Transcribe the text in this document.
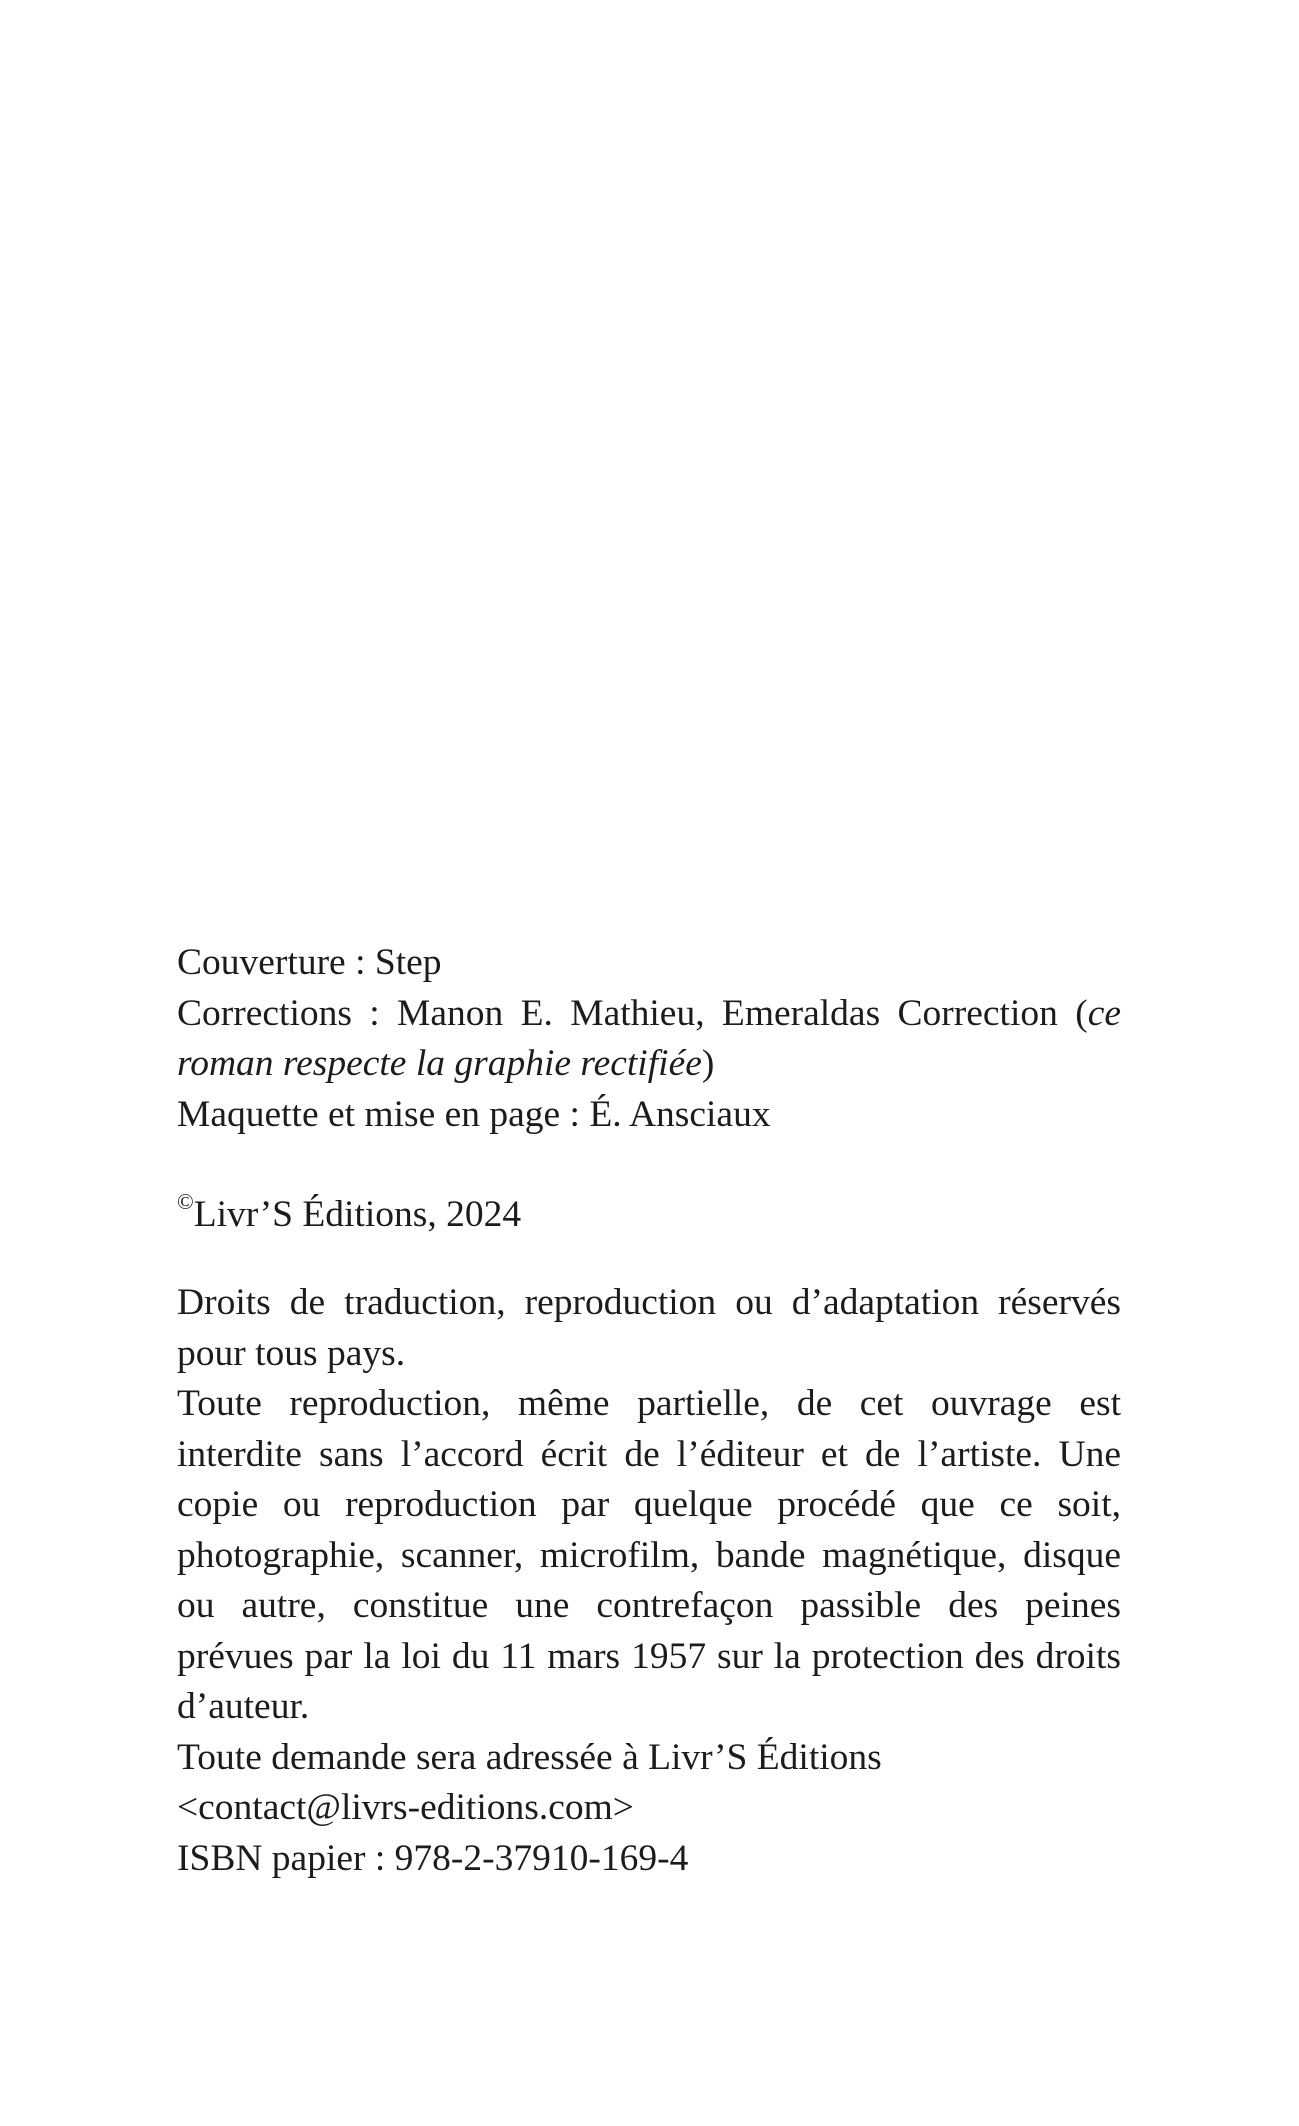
Couverture : Step

Corrections : Manon E. Mathieu, Emeraldas Correction (ce roman respecte la graphie rectifiée)

Maquette et mise en page : É. Ansciaux

©Livr’S Éditions, 2024

Droits de traduction, reproduction ou d’adaptation réservés pour tous pays.

Toute reproduction, même partielle, de cet ouvrage est interdite sans l’accord écrit de l’éditeur et de l’artiste. Une copie ou reproduction par quelque procédé que ce soit, photographie, scanner, microfilm, bande magnétique, disque ou autre, constitue une contrefaçon passible des peines prévues par la loi du 11 mars 1957 sur la protection des droits d’auteur.

Toute demande sera adressée à Livr’S Éditions

<contact@livrs-editions.com>

ISBN papier : 978-2-37910-169-4
